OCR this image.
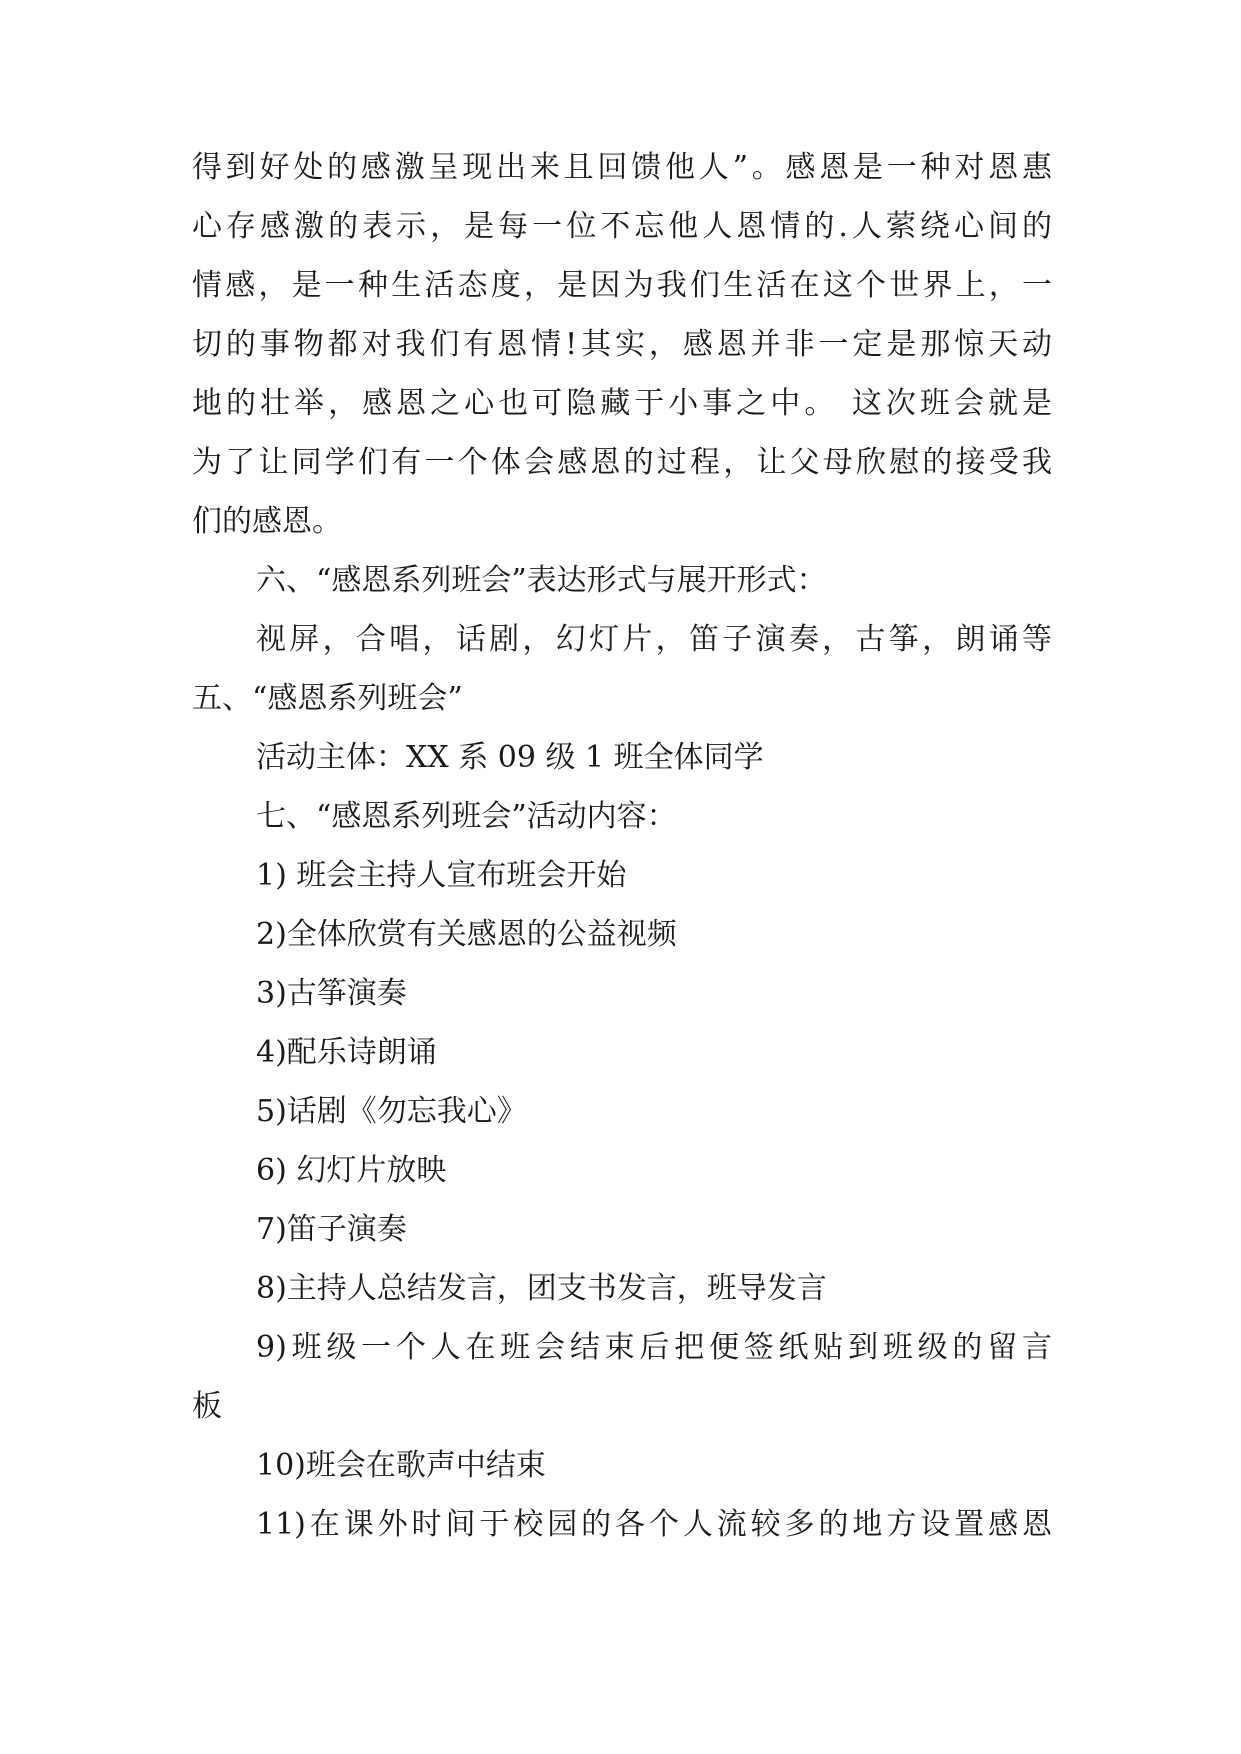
得到好处的感激呈现出来且回馈他人”。感恩是一种对恩惠
心存感激的表示，是每一位不忘他人恩情的.人萦绕心间的
情感，是一种生活态度，是因为我们生活在这个世界上，一
切的事物都对我们有恩情!其实，感恩并非一定是那惊天动
地的壮举，感恩之心也可隐藏于小事之中。 这次班会就是
为了让同学们有一个体会感恩的过程，让父母欣慰的接受我
们的感恩。
六、“感恩系列班会”表达形式与展开形式：
视屏，合唱，话剧，幻灯片，笛子演奏，古筝，朗诵等
五、“感恩系列班会”
活动主体：XX 系 09 级 1 班全体同学
七、“感恩系列班会”活动内容：
1) 班会主持人宣布班会开始
2)全体欣赏有关感恩的公益视频
3)古筝演奏
4)配乐诗朗诵
5)话剧《勿忘我心》
6) 幻灯片放映
7)笛子演奏
8)主持人总结发言，团支书发言，班导发言
9)班级一个人在班会结束后把便签纸贴到班级的留言
板
10)班会在歌声中结束
11)在课外时间于校园的各个人流较多的地方设置感恩
